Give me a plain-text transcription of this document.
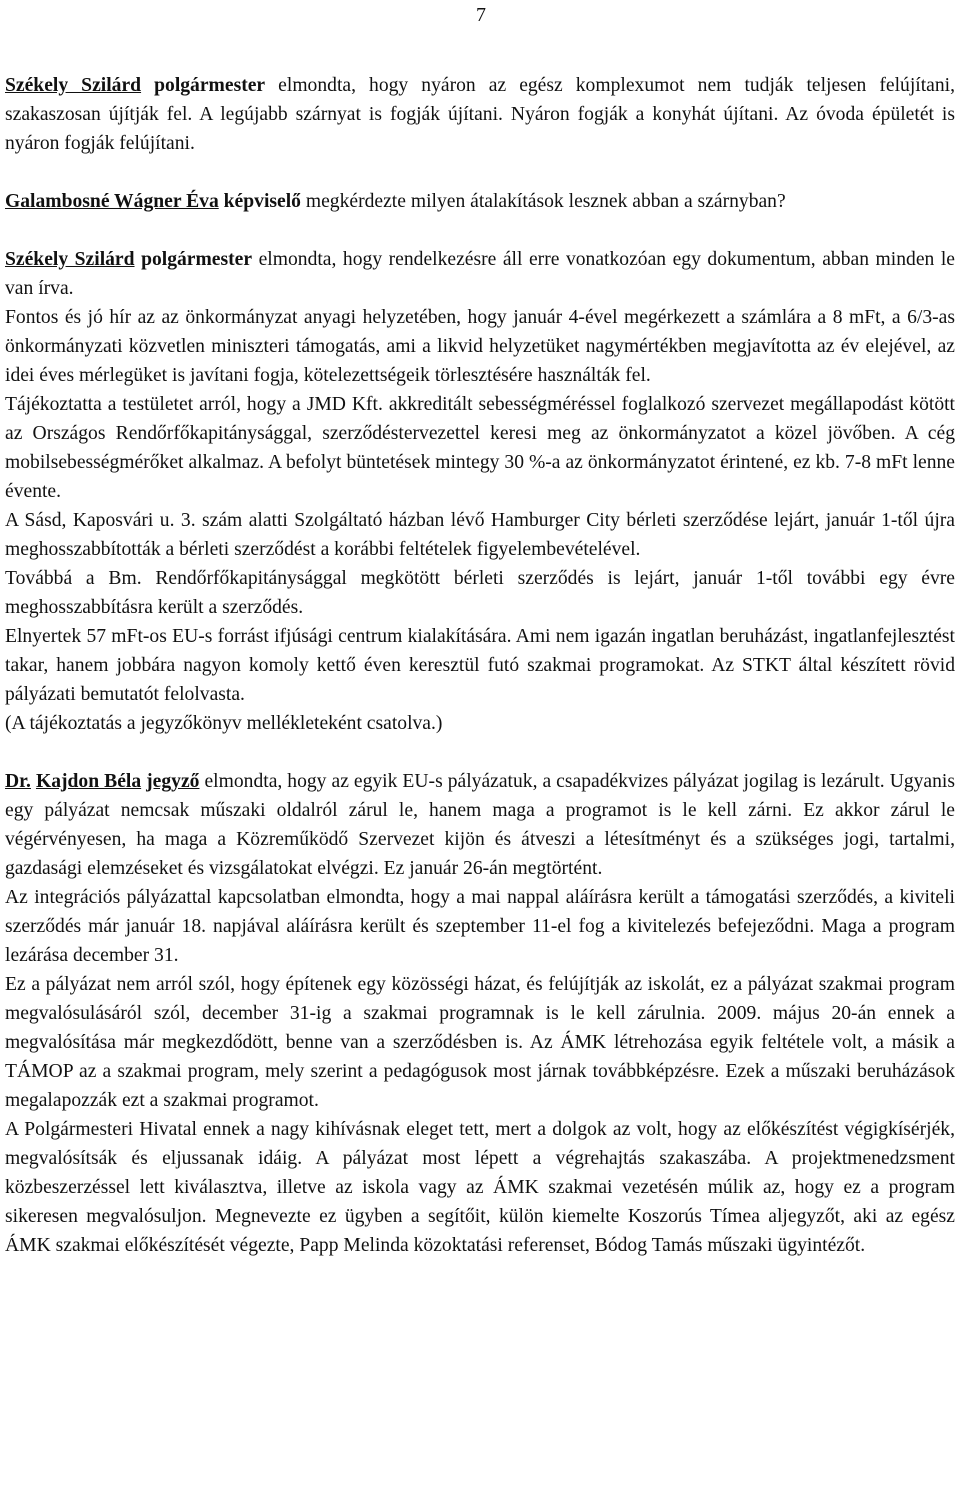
7

Székely Szilárd polgármester elmondta, hogy nyáron az egész komplexumot nem tudják teljesen felújítani, szakaszosan újítják fel. A legújabb szárnyat is fogják újítani. Nyáron fogják a konyhát újítani. Az óvoda épületét is nyáron fogják felújítani.

Galambosné Wágner Éva képviselő megkérdezte milyen átalakítások lesznek abban a szárnyban?

Székely Szilárd polgármester elmondta, hogy rendelkezésre áll erre vonatkozóan egy dokumentum, abban minden le van írva.

Fontos és jó hír az az önkormányzat anyagi helyzetében, hogy január 4-ével megérkezett a számlára a 8 mFt, a 6/3-as önkormányzati közvetlen miniszteri támogatás, ami a likvid helyzetüket nagymértékben megjavította az év elejével, az idei éves mérlegüket is javítani fogja, kötelezettségeik törlesztésére használták fel.

Tájékoztatta a testületet arról, hogy a JMD Kft. akkreditált sebességméréssel foglalkozó szervezet megállapodást kötött az Országos Rendőrfőkapitánysággal, szerződéstervezettel keresi meg az önkormányzatot a közel jövőben. A cég mobilsebességmérőket alkalmaz. A befolyt büntetések mintegy 30 %-a az önkormányzatot érintené, ez kb. 7-8 mFt lenne évente.

A Sásd, Kaposvári u. 3. szám alatti Szolgáltató házban lévő Hamburger City bérleti szerződése lejárt, január 1-től újra meghosszabbították a bérleti szerződést a korábbi feltételek figyelembevételével.

Továbbá a Bm. Rendőrfőkapitánysággal megkötött bérleti szerződés is lejárt, január 1-től további egy évre meghosszabbításra került a szerződés.

Elnyertek 57 mFt-os EU-s forrást ifjúsági centrum kialakítására. Ami nem igazán ingatlan beruházást, ingatlanfejlesztést takar, hanem jobbára nagyon komoly kettő éven keresztül futó szakmai programokat. Az STKT által készített rövid pályázati bemutatót felolvasta.

(A tájékoztatás a jegyzőkönyv mellékleteként csatolva.)

Dr. Kajdon Béla jegyző elmondta, hogy az egyik EU-s pályázatuk, a csapadékvizes pályázat jogilag is lezárult. Ugyanis egy pályázat nemcsak műszaki oldalról zárul le, hanem maga a programot is le kell zárni. Ez akkor zárul le végérvényesen, ha maga a Közreműködő Szervezet kijön és átveszi a létesítményt és a szükséges jogi, tartalmi, gazdasági elemzéseket és vizsgálatokat elvégzi. Ez január 26-án megtörtént.

Az integrációs pályázattal kapcsolatban elmondta, hogy a mai nappal aláírásra került a támogatási szerződés, a kiviteli szerződés már január 18. napjával aláírásra került és szeptember 11-el fog a kivitelezés befejeződni. Maga a program lezárása december 31.

Ez a pályázat nem arról szól, hogy építenek egy közösségi házat, és felújítják az iskolát, ez a pályázat szakmai program megvalósulásáról szól, december 31-ig a szakmai programnak is le kell zárulnia. 2009. május 20-án ennek a megvalósítása már megkezdődött, benne van a szerződésben is. Az ÁMK létrehozása egyik feltétele volt, a másik a TÁMOP az a szakmai program, mely szerint a pedagógusok most járnak továbbképzésre. Ezek a műszaki beruházások megalapozzák ezt a szakmai programot.

A Polgármesteri Hivatal ennek a nagy kihívásnak eleget tett, mert a dolgok az volt, hogy az előkészítést végigkísérjék, megvalósítsák és eljussanak idáig. A pályázat most lépett a végrehajtás szakaszába. A projektmenedzsment közbeszerzéssel lett kiválasztva, illetve az iskola vagy az ÁMK szakmai vezetésén múlik az, hogy ez a program sikeresen megvalósuljon. Megnevezte ez ügyben a segítőit, külön kiemelte Koszorús Tímea aljegyzőt, aki az egész ÁMK szakmai előkészítését végezte, Papp Melinda közoktatási referenset, Bódog Tamás műszaki ügyintézőt.
